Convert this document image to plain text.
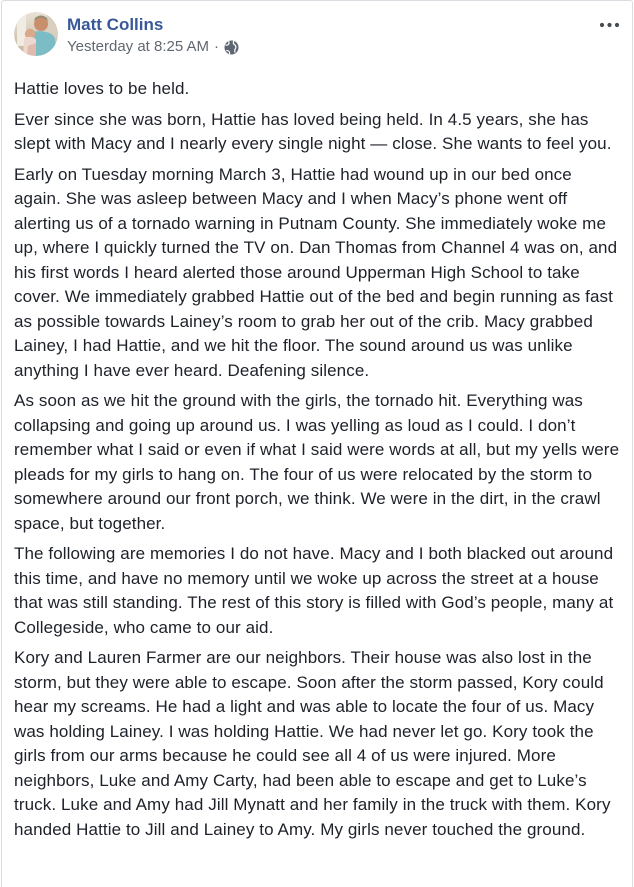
Matt Collins
Yesterday at 8:25 AM ·

Hattie loves to be held.

Ever since she was born, Hattie has loved being held. In 4.5 years, she has slept with Macy and I nearly every single night — close. She wants to feel you.

Early on Tuesday morning March 3, Hattie had wound up in our bed once again. She was asleep between Macy and I when Macy’s phone went off alerting us of a tornado warning in Putnam County. She immediately woke me up, where I quickly turned the TV on. Dan Thomas from Channel 4 was on, and his first words I heard alerted those around Upperman High School to take cover. We immediately grabbed Hattie out of the bed and begin running as fast as possible towards Lainey’s room to grab her out of the crib. Macy grabbed Lainey, I had Hattie, and we hit the floor. The sound around us was unlike anything I have ever heard. Deafening silence.

As soon as we hit the ground with the girls, the tornado hit. Everything was collapsing and going up around us. I was yelling as loud as I could. I don’t remember what I said or even if what I said were words at all, but my yells were pleads for my girls to hang on. The four of us were relocated by the storm to somewhere around our front porch, we think. We were in the dirt, in the crawl space, but together.

The following are memories I do not have. Macy and I both blacked out around this time, and have no memory until we woke up across the street at a house that was still standing. The rest of this story is filled with God’s people, many at Collegeside, who came to our aid.

Kory and Lauren Farmer are our neighbors. Their house was also lost in the storm, but they were able to escape. Soon after the storm passed, Kory could hear my screams. He had a light and was able to locate the four of us. Macy was holding Lainey. I was holding Hattie. We had never let go. Kory took the girls from our arms because he could see all 4 of us were injured. More neighbors, Luke and Amy Carty, had been able to escape and get to Luke’s truck. Luke and Amy had Jill Mynatt and her family in the truck with them. Kory handed Hattie to Jill and Lainey to Amy. My girls never touched the ground.
